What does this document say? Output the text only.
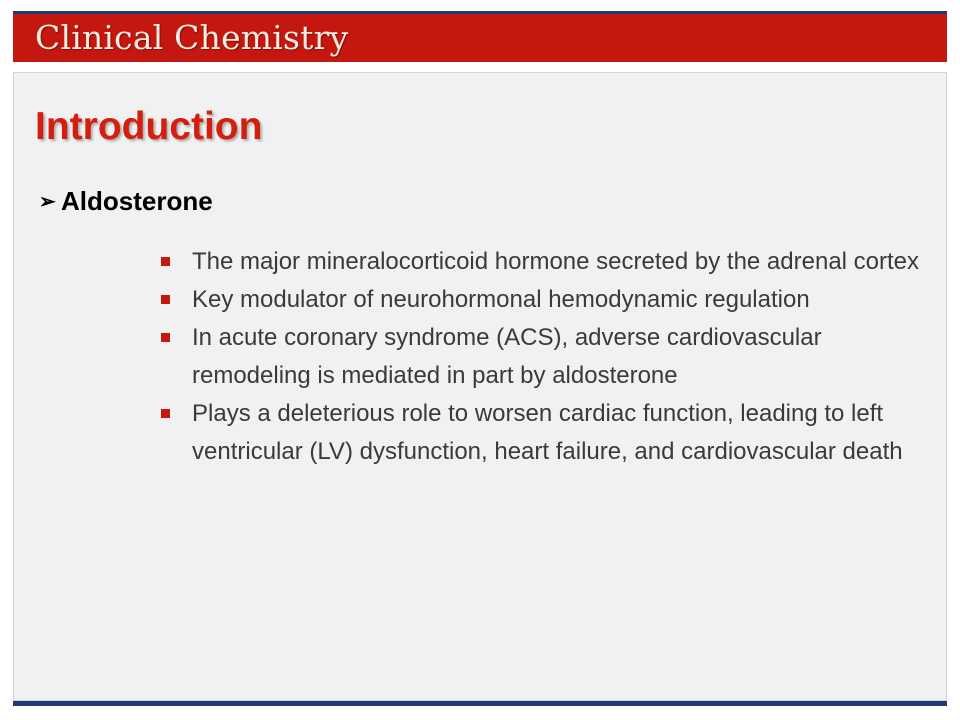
Clinical Chemistry
Introduction
➢ Aldosterone
The major mineralocorticoid hormone secreted by the adrenal cortex
Key modulator of neurohormonal hemodynamic regulation
In acute coronary syndrome (ACS), adverse cardiovascular remodeling is mediated in part by aldosterone
Plays a deleterious role to worsen cardiac function, leading to left ventricular (LV) dysfunction, heart failure, and cardiovascular death
